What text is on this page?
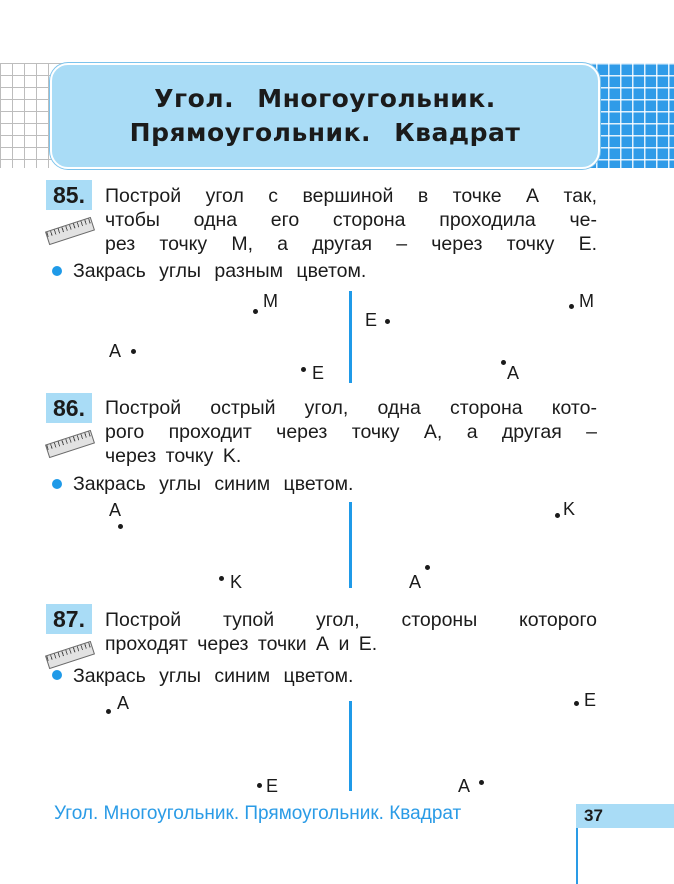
Угол. Многоугольник.
Прямоугольник. Квадрат
85.	Построй угол с вершиной в точке А так,
чтобы одна его сторона проходила че-
рез точку М, а другая – через точку Е.
Закрась углы разным цветом.
А
М
Е
Е
М
А
86.	Построй острый угол, одна сторона кото-
рого проходит через точку А, а другая –
через точку K.
Закрась углы синим цветом.
А
K
K
А
87.	Построй тупой угол, стороны которого
проходят через точки А и Е.
Закрась углы синим цветом.
А
Е
Е
А
Угол. Многоугольник. Прямоугольник. Квадрат	37
